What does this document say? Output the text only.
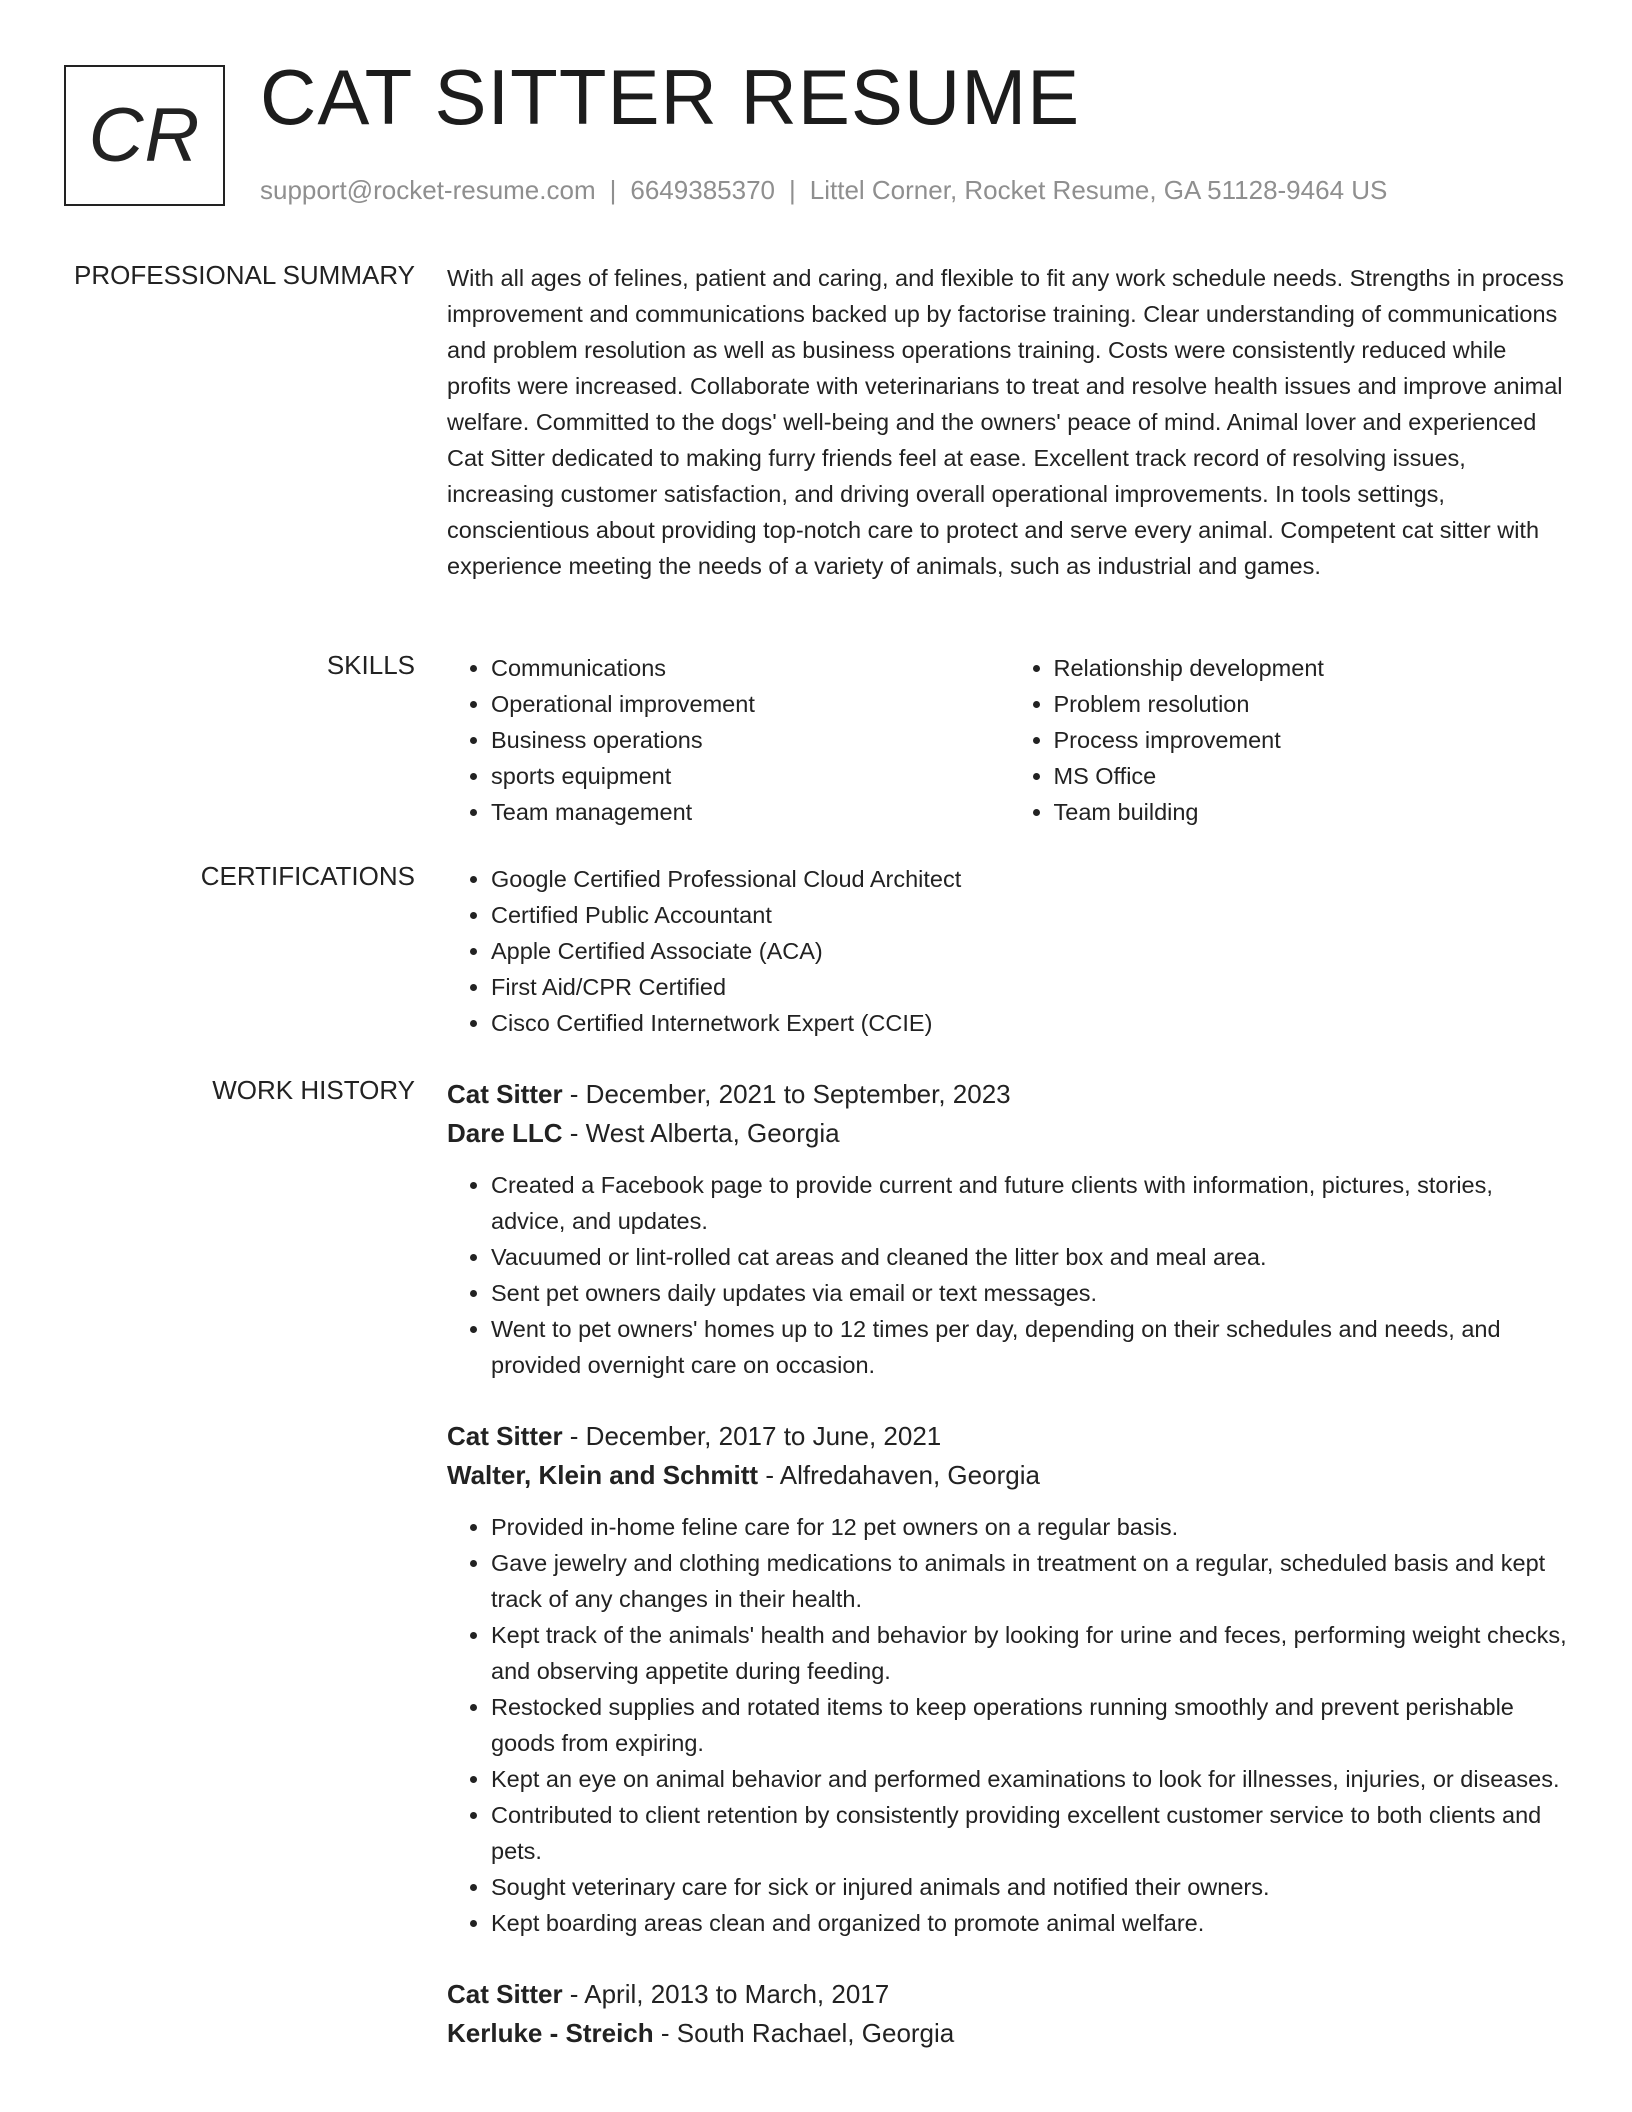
CR CAT SITTER RESUME
support@rocket-resume.com | 6649385370 | Littel Corner, Rocket Resume, GA 51128-9464 US
PROFESSIONAL SUMMARY With all ages of felines, patient and caring, and flexible to fit any work schedule needs. Strengths in process improvement and communications backed up by factorise training. Clear understanding of communications and problem resolution as well as business operations training. Costs were consistently reduced while profits were increased. Collaborate with veterinarians to treat and resolve health issues and improve animal welfare. Committed to the dogs' well-being and the owners' peace of mind. Animal lover and experienced Cat Sitter dedicated to making furry friends feel at ease. Excellent track record of resolving issues, increasing customer satisfaction, and driving overall operational improvements. In tools settings, conscientious about providing top-notch care to protect and serve every animal. Competent cat sitter with experience meeting the needs of a variety of animals, such as industrial and games.

SKILLS	• Communications
• Operational improvement
• Business operations
• sports equipment
• Team management
• Relationship development
• Problem resolution
• Process improvement
• MS Office
• Team building
CERTIFICATIONS	• Google Certified Professional Cloud Architect
• Certified Public Accountant
• Apple Certified Associate (ACA)
• First Aid/CPR Certified
• Cisco Certified Internetwork Expert (CCIE)
WORK HISTORY Cat Sitter - December, 2021 to September, 2023
Dare LLC - West Alberta, Georgia
• Created a Facebook page to provide current and future clients with information, pictures, stories, advice, and updates.
• Vacuumed or lint-rolled cat areas and cleaned the litter box and meal area.
• Sent pet owners daily updates via email or text messages.
• Went to pet owners' homes up to 12 times per day, depending on their schedules and needs, and provided overnight care on occasion.
Cat Sitter - December, 2017 to June, 2021
Walter, Klein and Schmitt - Alfredahaven, Georgia
• Provided in-home feline care for 12 pet owners on a regular basis.
• Gave jewelry and clothing medications to animals in treatment on a regular, scheduled basis and kept track of any changes in their health.
• Kept track of the animals' health and behavior by looking for urine and feces, performing weight checks, and observing appetite during feeding.
• Restocked supplies and rotated items to keep operations running smoothly and prevent perishable goods from expiring.
• Kept an eye on animal behavior and performed examinations to look for illnesses, injuries, or diseases.
• Contributed to client retention by consistently providing excellent customer service to both clients and pets.
• Sought veterinary care for sick or injured animals and notified their owners.
• Kept boarding areas clean and organized to promote animal welfare.
Cat Sitter - April, 2013 to March, 2017
Kerluke - Streich - South Rachael, Georgia
